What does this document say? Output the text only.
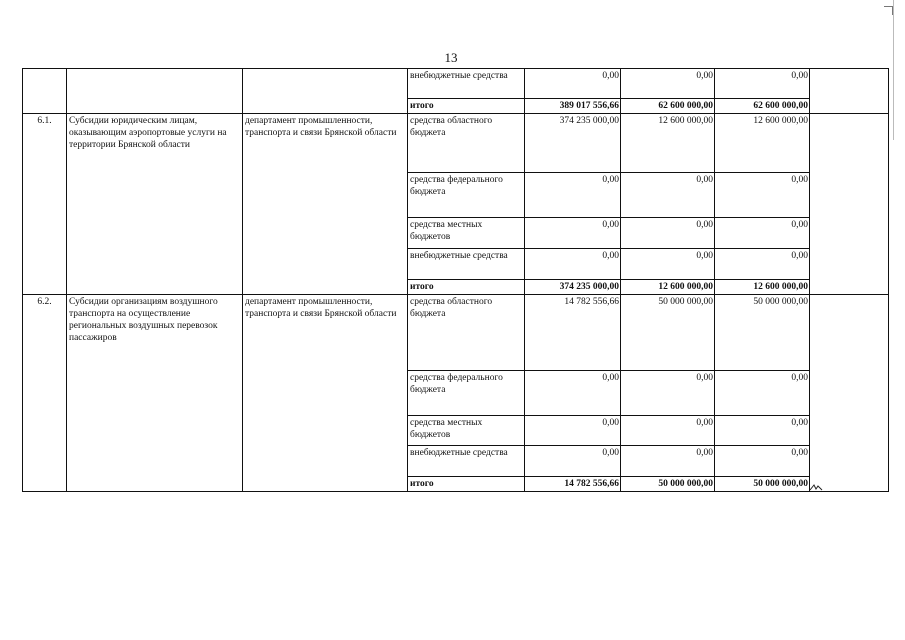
13
			внебюджетные средства	0,00	0,00	0,00	
			итого	389 017 556,66	62 600 000,00	62 600 000,00	
6.1.	Субсидии юридическим лицам, оказывающим аэропортовые услуги на территории Брянской области	департамент промышленности, транспорта и связи Брянской области	средства областного бюджета	374 235 000,00	12 600 000,00	12 600 000,00	
			средства федерального бюджета	0,00	0,00	0,00	
			средства местных бюджетов	0,00	0,00	0,00	
			внебюджетные средства	0,00	0,00	0,00	
			итого	374 235 000,00	12 600 000,00	12 600 000,00	
6.2.	Субсидии организациям воздушного транспорта на осуществление региональных воздушных перевозок пассажиров	департамент промышленности, транспорта и связи Брянской области	средства областного бюджета	14 782 556,66	50 000 000,00	50 000 000,00	
			средства федерального бюджета	0,00	0,00	0,00	
			средства местных бюджетов	0,00	0,00	0,00	
			внебюджетные средства	0,00	0,00	0,00	
			итого	14 782 556,66	50 000 000,00	50 000 000,00	
